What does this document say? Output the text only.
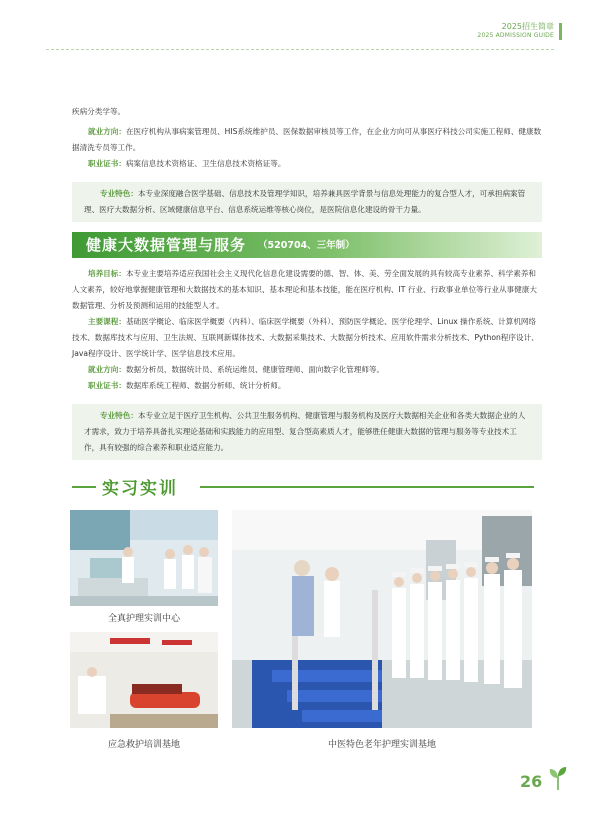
2025招生简章
2025 ADMISSION GUIDE
疾病分类学等。
就业方向：在医疗机构从事病案管理员、HIS系统维护员、医保数据审核员等工作，在企业方向可从事医疗科技公司实施工程师、健康数据清洗专员等工作。
职业证书：病案信息技术资格证、卫生信息技术资格证等。
专业特色：本专业深度融合医学基础、信息技术及管理学知识，培养兼具医学背景与信息处理能力的复合型人才，可承担病案管理、医疗大数据分析、区域健康信息平台、信息系统运维等核心岗位，是医院信息化建设的骨干力量。
健康大数据管理与服务 （520704、三年制）
培养目标：本专业主要培养适应我国社会主义现代化信息化建设需要的德、智、体、美、劳全面发展的具有较高专业素养、科学素养和人文素养，较好地掌握健康管理和大数据技术的基本知识、基本理论和基本技能，能在医疗机构、IT 行业、行政事业单位等行业从事健康大数据管理、分析及预测和运用的技能型人才。
主要课程：基础医学概论、临床医学概要（内科）、临床医学概要（外科）、预防医学概论、医学伦理学、Linux 操作系统、计算机网络技术、数据库技术与应用、卫生法规、互联网新媒体技术、大数据采集技术、大数据分析技术、应用软件需求分析技术、Python程序设计、Java程序设计、医学统计学、医学信息技术应用。
就业方向：数据分析员、数据统计员、系统运维员、健康管理师、面向数字化管理师等。
职业证书：数据库系统工程师、数据分析师、统计分析师。
专业特色：本专业立足于医疗卫生机构、公共卫生服务机构、健康管理与服务机构及医疗大数据相关企业和各类大数据企业的人才需求，致力于培养具备扎实理论基础和实践能力的应用型、复合型高素质人才，能够胜任健康大数据的管理与服务等专业技术工作，具有较强的综合素养和职业适应能力。
实习实训
全真护理实训中心
应急救护培训基地	中医特色老年护理实训基地
26
